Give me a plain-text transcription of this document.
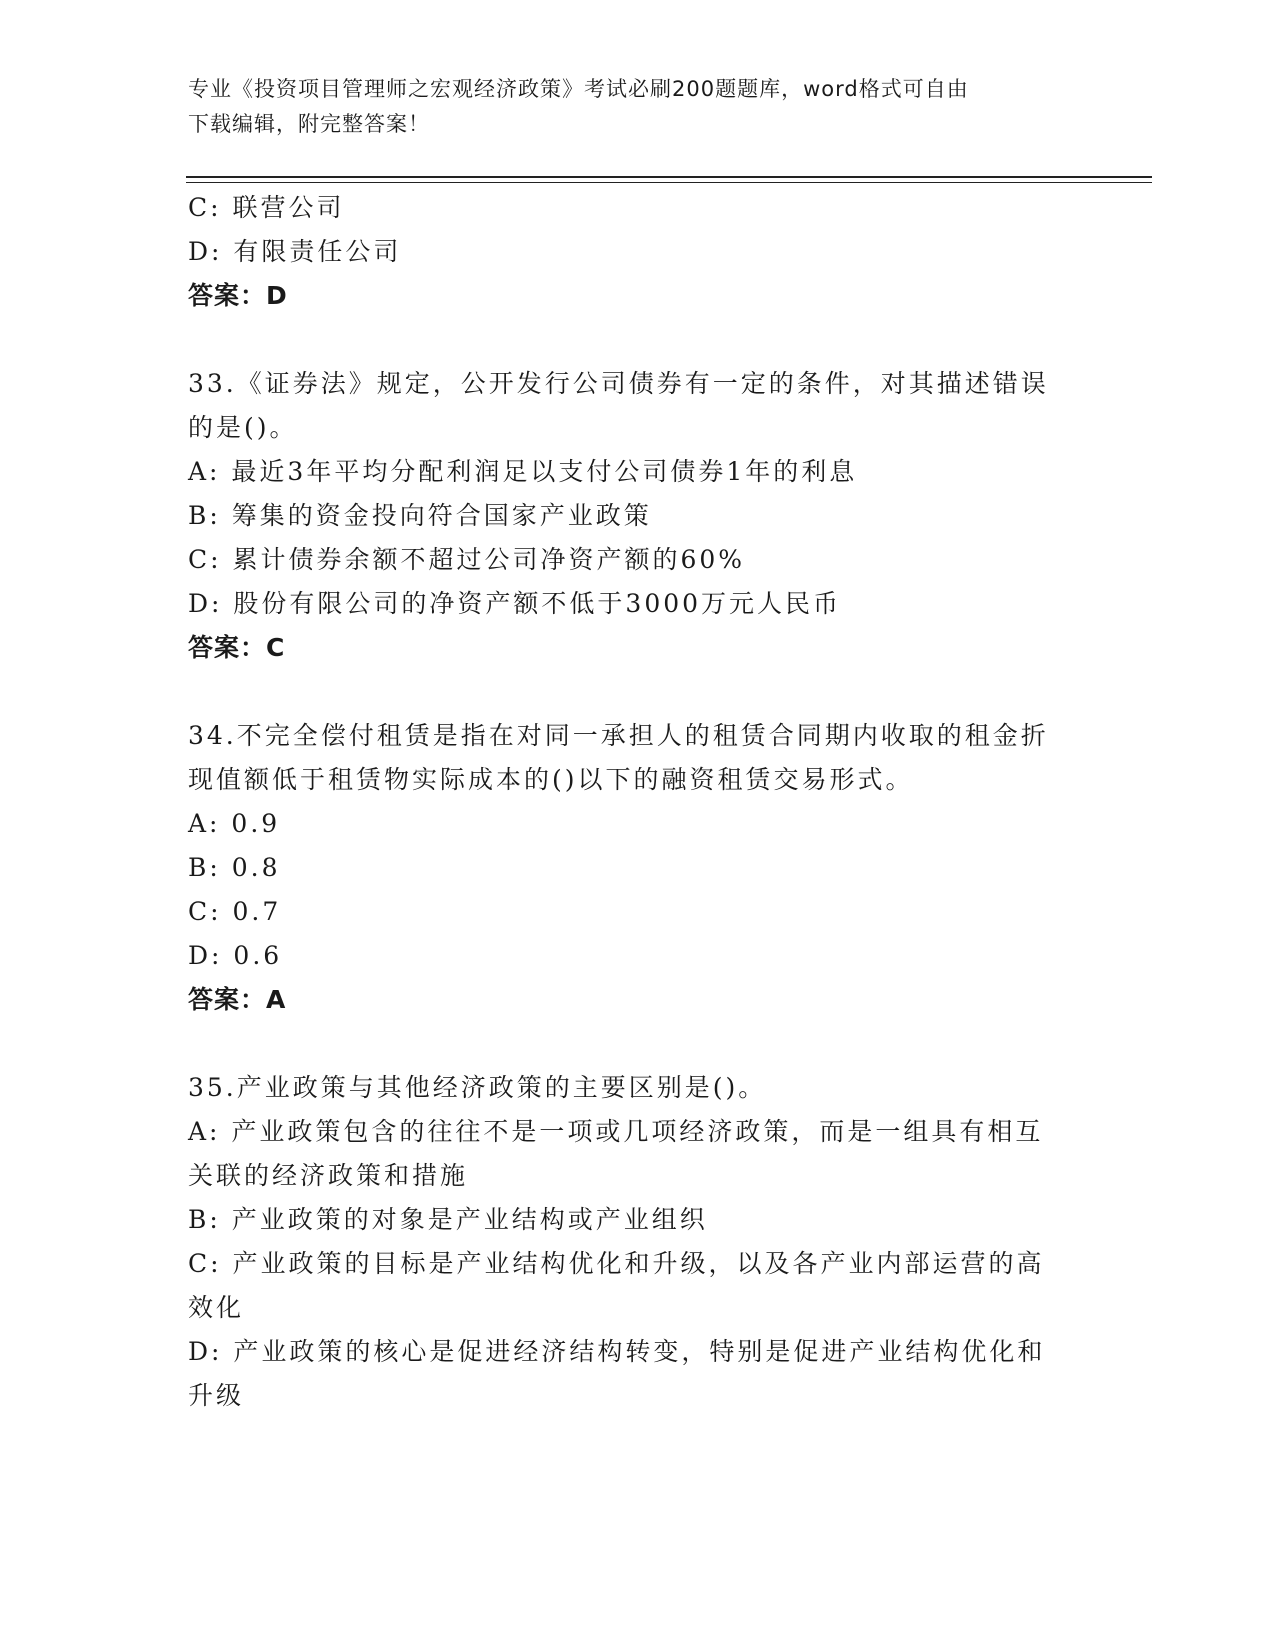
专业《投资项目管理师之宏观经济政策》考试必刷200题题库，word格式可自由
下载编辑，附完整答案！
C: 联营公司
D: 有限责任公司
答案：D
33.《证券法》规定，公开发行公司债券有一定的条件，对其描述错误
的是()。
A: 最近3年平均分配利润足以支付公司债券1年的利息
B: 筹集的资金投向符合国家产业政策
C: 累计债券余额不超过公司净资产额的60%
D: 股份有限公司的净资产额不低于3000万元人民币
答案：C
34.不完全偿付租赁是指在对同一承担人的租赁合同期内收取的租金折
现值额低于租赁物实际成本的()以下的融资租赁交易形式。
A: 0.9
B: 0.8
C: 0.7
D: 0.6
答案：A
35.产业政策与其他经济政策的主要区别是()。
A: 产业政策包含的往往不是一项或几项经济政策，而是一组具有相互
关联的经济政策和措施
B: 产业政策的对象是产业结构或产业组织
C: 产业政策的目标是产业结构优化和升级，以及各产业内部运营的高
效化
D: 产业政策的核心是促进经济结构转变，特别是促进产业结构优化和
升级
